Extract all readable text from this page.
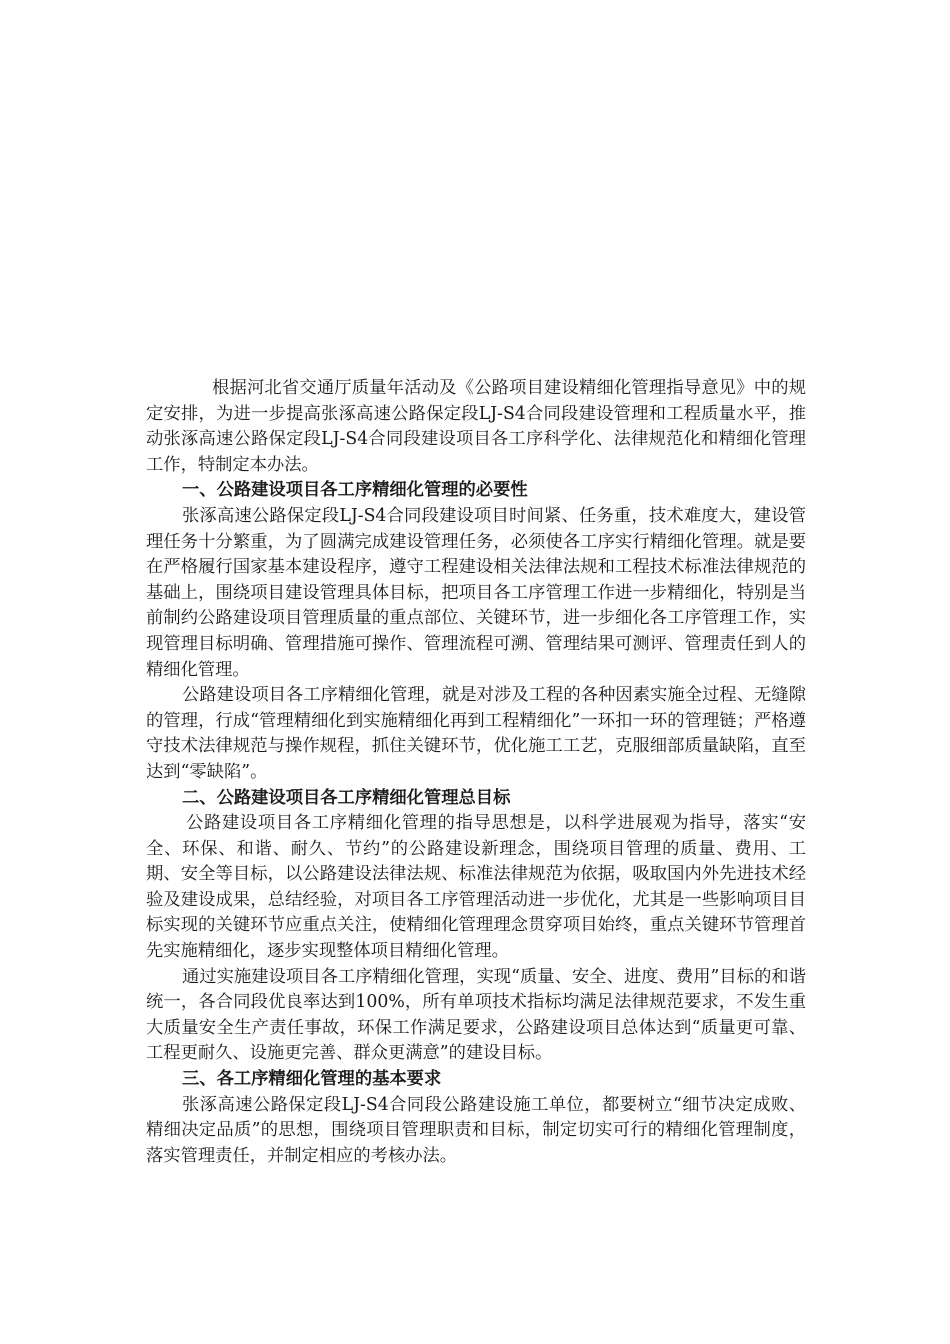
根据河北省交通厅质量年活动及《公路项目建设精细化管理指导意见》中的规定安排，为进一步提高张涿高速公路保定段LJ-S4合同段建设管理和工程质量水平，推动张涿高速公路保定段LJ-S4合同段建设项目各工序科学化、法律规范化和精细化管理工作，特制定本办法。

一、公路建设项目各工序精细化管理的必要性

张涿高速公路保定段LJ-S4合同段建设项目时间紧、任务重，技术难度大，建设管理任务十分繁重，为了圆满完成建设管理任务，必须使各工序实行精细化管理。就是要在严格履行国家基本建设程序，遵守工程建设相关法律法规和工程技术标准法律规范的基础上，围绕项目建设管理具体目标，把项目各工序管理工作进一步精细化，特别是当前制约公路建设项目管理质量的重点部位、关键环节，进一步细化各工序管理工作，实现管理目标明确、管理措施可操作、管理流程可溯、管理结果可测评、管理责任到人的精细化管理。

公路建设项目各工序精细化管理，就是对涉及工程的各种因素实施全过程、无缝隙的管理，行成“管理精细化到实施精细化再到工程精细化”一环扣一环的管理链；严格遵守技术法律规范与操作规程，抓住关键环节，优化施工工艺，克服细部质量缺陷，直至达到“零缺陷”。

二、公路建设项目各工序精细化管理总目标

公路建设项目各工序精细化管理的指导思想是，以科学进展观为指导，落实“安全、环保、和谐、耐久、节约”的公路建设新理念，围绕项目管理的质量、费用、工期、安全等目标，以公路建设法律法规、标准法律规范为依据，吸取国内外先进技术经验及建设成果，总结经验，对项目各工序管理活动进一步优化，尤其是一些影响项目目标实现的关键环节应重点关注，使精细化管理理念贯穿项目始终，重点关键环节管理首先实施精细化，逐步实现整体项目精细化管理。

通过实施建设项目各工序精细化管理，实现“质量、安全、进度、费用”目标的和谐统一，各合同段优良率达到100%，所有单项技术指标均满足法律规范要求，不发生重大质量安全生产责任事故，环保工作满足要求，公路建设项目总体达到“质量更可靠、工程更耐久、设施更完善、群众更满意”的建设目标。

三、各工序精细化管理的基本要求

张涿高速公路保定段LJ-S4合同段公路建设施工单位，都要树立“细节决定成败、精细决定品质”的思想，围绕项目管理职责和目标，制定切实可行的精细化管理制度，落实管理责任，并制定相应的考核办法。
